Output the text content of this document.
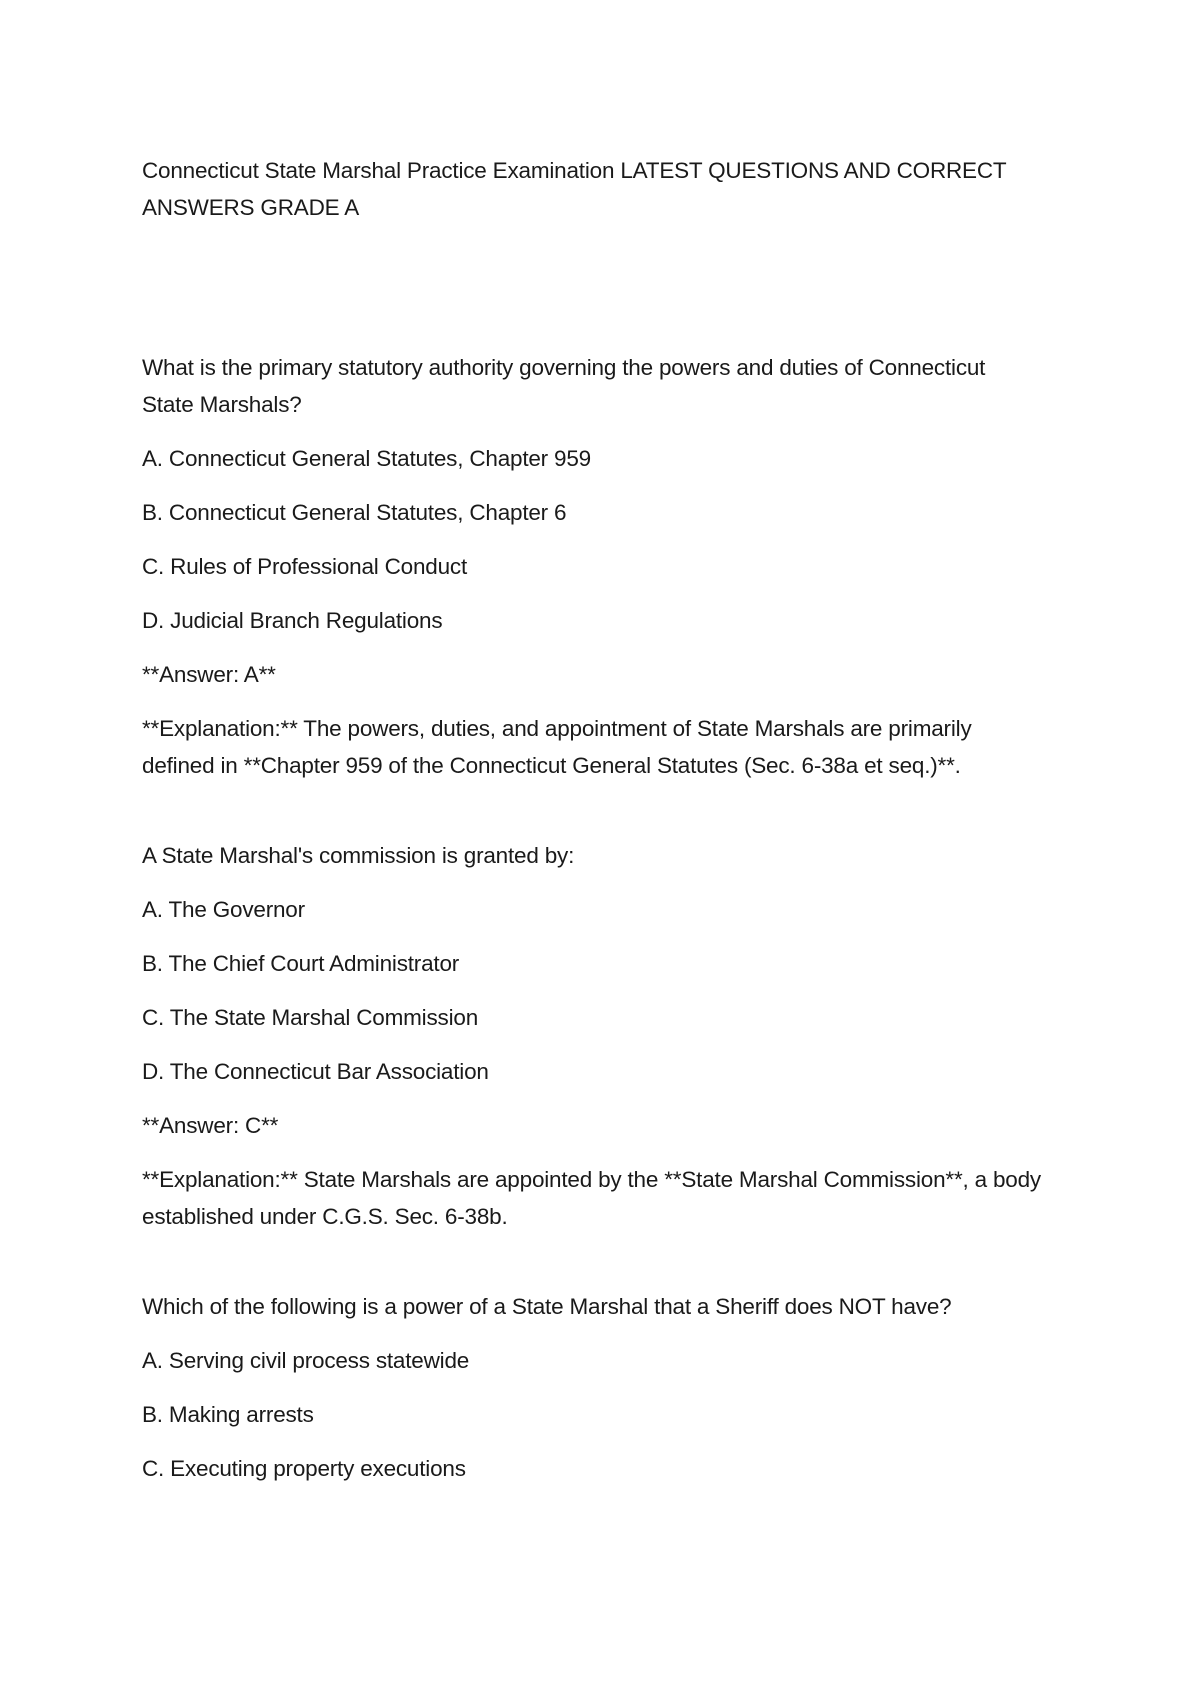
Connecticut State Marshal Practice Examination LATEST QUESTIONS AND CORRECT ANSWERS GRADE A

What is the primary statutory authority governing the powers and duties of Connecticut State Marshals?

A. Connecticut General Statutes, Chapter 959

B. Connecticut General Statutes, Chapter 6

C. Rules of Professional Conduct

D. Judicial Branch Regulations

**Answer: A**

**Explanation:** The powers, duties, and appointment of State Marshals are primarily defined in **Chapter 959 of the Connecticut General Statutes (Sec. 6-38a et seq.)**.

A State Marshal's commission is granted by:

A. The Governor

B. The Chief Court Administrator

C. The State Marshal Commission

D. The Connecticut Bar Association

**Answer: C**

**Explanation:** State Marshals are appointed by the **State Marshal Commission**, a body established under C.G.S. Sec. 6-38b.

Which of the following is a power of a State Marshal that a Sheriff does NOT have?

A. Serving civil process statewide

B. Making arrests

C. Executing property executions
